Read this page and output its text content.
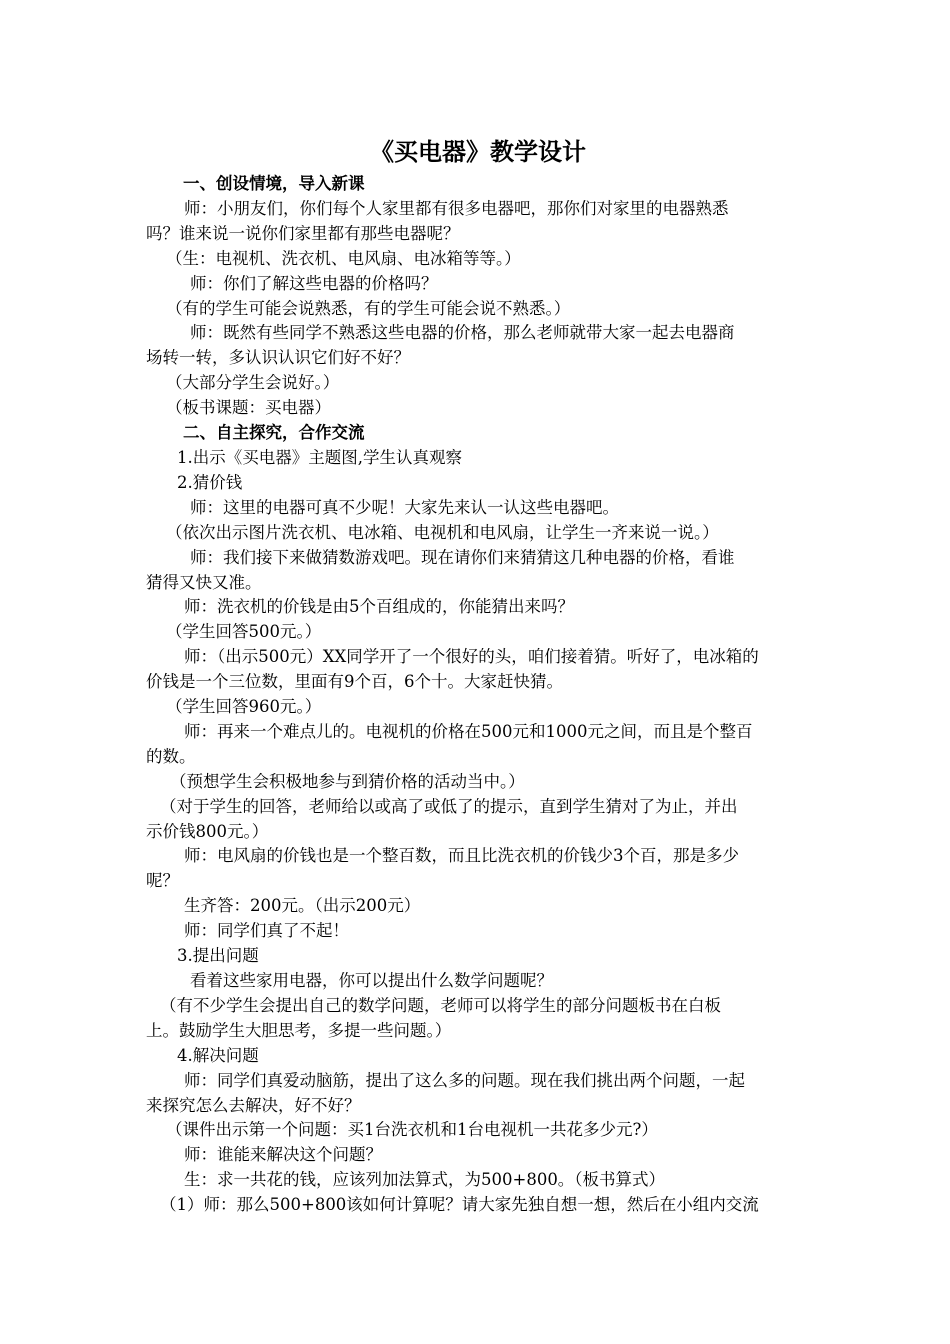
《买电器》教学设计

一、创设情境，导入新课

师：小朋友们，你们每个人家里都有很多电器吧，那你们对家里的电器熟悉

吗？谁来说一说你们家里都有那些电器呢？

（生：电视机、洗衣机、电风扇、电冰箱等等。）

师：你们了解这些电器的价格吗？

（有的学生可能会说熟悉，有的学生可能会说不熟悉。）

师：既然有些同学不熟悉这些电器的价格，那么老师就带大家一起去电器商

场转一转，多认识认识它们好不好？

（大部分学生会说好。）

（板书课题：买电器）

二、自主探究，合作交流

1.出示《买电器》主题图,学生认真观察

2.猜价钱

师：这里的电器可真不少呢！大家先来认一认这些电器吧。

（依次出示图片洗衣机、电冰箱、电视机和电风扇，让学生一齐来说一说。）

师：我们接下来做猜数游戏吧。现在请你们来猜猜这几种电器的价格，看谁

猜得又快又准。

师：洗衣机的价钱是由5个百组成的，你能猜出来吗？

（学生回答500元。）

师：（出示500元）XX同学开了一个很好的头，咱们接着猜。听好了，电冰箱的

价钱是一个三位数，里面有9个百，6个十。大家赶快猜。

（学生回答960元。）

师：再来一个难点儿的。电视机的价格在500元和1000元之间，而且是个整百

的数。

（预想学生会积极地参与到猜价格的活动当中。）

（对于学生的回答，老师给以或高了或低了的提示，直到学生猜对了为止，并出

示价钱800元。）

师：电风扇的价钱也是一个整百数，而且比洗衣机的价钱少3个百，那是多少

呢？

生齐答：200元。（出示200元）

师：同学们真了不起！

3.提出问题

看着这些家用电器，你可以提出什么数学问题呢？

（有不少学生会提出自己的数学问题，老师可以将学生的部分问题板书在白板

上。鼓励学生大胆思考，多提一些问题。）

4.解决问题

师：同学们真爱动脑筋，提出了这么多的问题。现在我们挑出两个问题，一起

来探究怎么去解决，好不好？

（课件出示第一个问题：买1台洗衣机和1台电视机一共花多少元?）

师：谁能来解决这个问题？

生：求一共花的钱，应该列加法算式，为500+800。（板书算式）

（1）师：那么500+800该如何计算呢？请大家先独自想一想，然后在小组内交流
